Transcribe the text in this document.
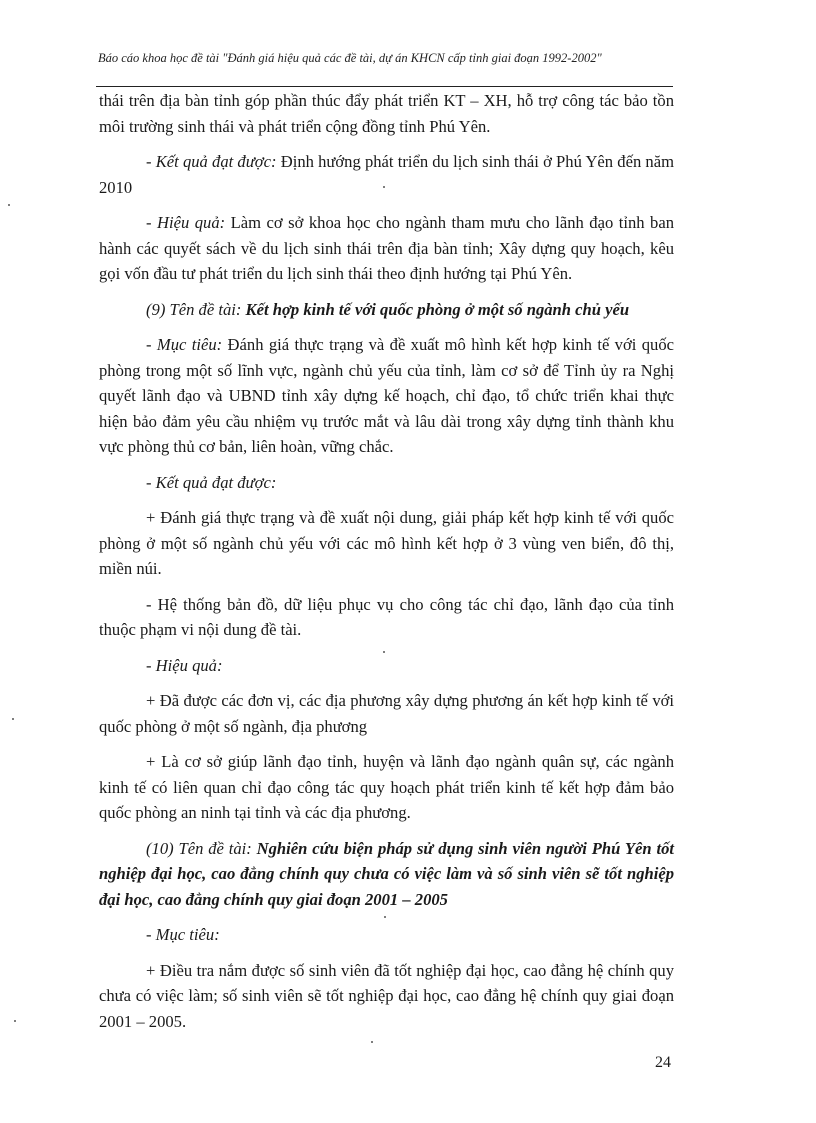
Báo cáo khoa học đề tài "Đánh giá hiệu quả các đề tài, dự án KHCN cấp tỉnh giai đoạn 1992-2002"

thái trên địa bàn tỉnh góp phần thúc đẩy phát triển KT – XH, hỗ trợ công tác bảo tồn môi trường sinh thái và phát triển cộng đồng tỉnh Phú Yên.

- Kết quả đạt được: Định hướng phát triển du lịch sinh thái ở Phú Yên đến năm 2010

- Hiệu quả: Làm cơ sở khoa học cho ngành tham mưu cho lãnh đạo tỉnh ban hành các quyết sách về du lịch sinh thái trên địa bàn tỉnh; Xây dựng quy hoạch, kêu gọi vốn đầu tư phát triển du lịch sinh thái theo định hướng tại Phú Yên.

(9) Tên đề tài: Kết hợp kinh tế với quốc phòng ở một số ngành chủ yếu

- Mục tiêu: Đánh giá thực trạng và đề xuất mô hình kết hợp kinh tế với quốc phòng trong một số lĩnh vực, ngành chủ yếu của tỉnh, làm cơ sở để Tỉnh ủy ra Nghị quyết lãnh đạo và UBND tỉnh xây dựng kế hoạch, chỉ đạo, tổ chức triển khai thực hiện bảo đảm yêu cầu nhiệm vụ trước mắt và lâu dài trong xây dựng tỉnh thành khu vực phòng thủ cơ bản, liên hoàn, vững chắc.

- Kết quả đạt được:

+ Đánh giá thực trạng và đề xuất nội dung, giải pháp kết hợp kinh tế với quốc phòng ở một số ngành chủ yếu với các mô hình kết hợp ở 3 vùng ven biển, đô thị, miền núi.

- Hệ thống bản đồ, dữ liệu phục vụ cho công tác chỉ đạo, lãnh đạo của tỉnh thuộc phạm vi nội dung đề tài.

- Hiệu quả:

+ Đã được các đơn vị, các địa phương xây dựng phương án kết hợp kinh tế với quốc phòng ở một số ngành, địa phương

+ Là cơ sở giúp lãnh đạo tỉnh, huyện và lãnh đạo ngành quân sự, các ngành kinh tế có liên quan chỉ đạo công tác quy hoạch phát triển kinh tế kết hợp đảm bảo quốc phòng an ninh tại tỉnh và các địa phương.

(10) Tên đề tài: Nghiên cứu biện pháp sử dụng sinh viên người Phú Yên tốt nghiệp đại học, cao đẳng chính quy chưa có việc làm và số sinh viên sẽ tốt nghiệp đại học, cao đẳng chính quy giai đoạn 2001 – 2005

- Mục tiêu:

+ Điều tra nắm được số sinh viên đã tốt nghiệp đại học, cao đẳng hệ chính quy chưa có việc làm; số sinh viên sẽ tốt nghiệp đại học, cao đẳng hệ chính quy giai đoạn 2001 – 2005.

24
